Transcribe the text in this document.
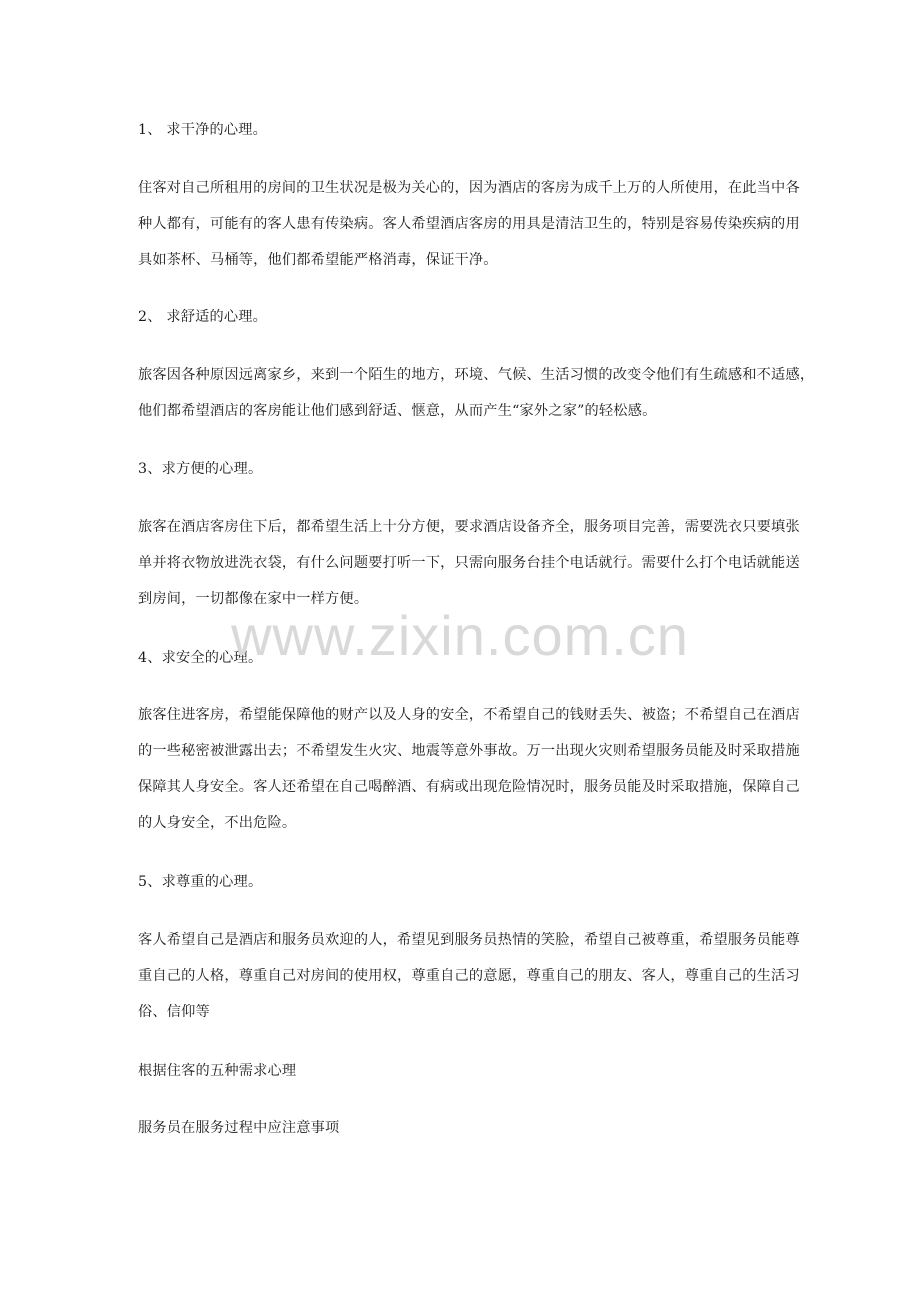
1、 求干净的心理。
住客对自己所租用的房间的卫生状况是极为关心的，因为酒店的客房为成千上万的人所使用，在此当中各
种人都有，可能有的客人患有传染病。客人希望酒店客房的用具是清洁卫生的，特别是容易传染疾病的用
具如茶杯、马桶等，他们都希望能严格消毒，保证干净。
2、 求舒适的心理。
旅客因各种原因远离家乡，来到一个陌生的地方，环境、气候、生活习惯的改变令他们有生疏感和不适感，
他们都希望酒店的客房能让他们感到舒适、惬意，从而产生“家外之家”的轻松感。
3、求方便的心理。
旅客在酒店客房住下后，都希望生活上十分方便，要求酒店设备齐全，服务项目完善，需要洗衣只要填张
单并将衣物放进洗衣袋，有什么问题要打听一下，只需向服务台挂个电话就行。需要什么打个电话就能送
到房间，一切都像在家中一样方便。
4、求安全的心理。
旅客住进客房，希望能保障他的财产以及人身的安全，不希望自己的钱财丢失、被盗；不希望自己在酒店
的一些秘密被泄露出去；不希望发生火灾、地震等意外事故。万一出现火灾则希望服务员能及时采取措施
保障其人身安全。客人还希望在自己喝醉酒、有病或出现危险情况时，服务员能及时采取措施，保障自己
的人身安全，不出危险。
5、求尊重的心理。
客人希望自己是酒店和服务员欢迎的人，希望见到服务员热情的笑脸，希望自己被尊重，希望服务员能尊
重自己的人格，尊重自己对房间的使用权，尊重自己的意愿，尊重自己的朋友、客人，尊重自己的生活习
俗、信仰等
根据住客的五种需求心理
服务员在服务过程中应注意事项
www.zixin.com.cn
